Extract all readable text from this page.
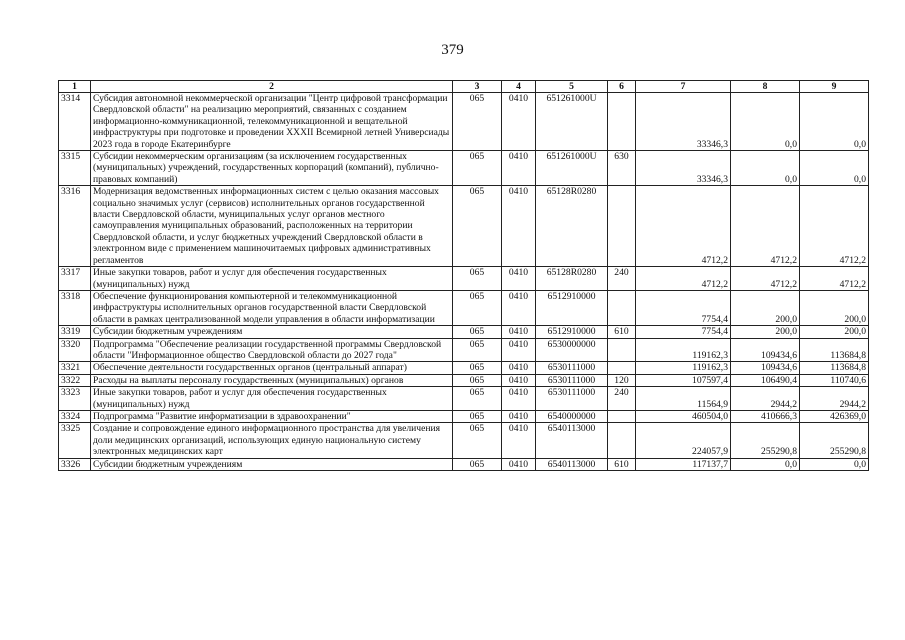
379
1	2	3	4	5	6	7	8	9
3314	Субсидия автономной некоммерческой организации "Центр цифровой трансформации Свердловской области" на реализацию мероприятий, связанных с созданием информационно-коммуникационной, телекоммуникационной и вещательной инфраструктуры при подготовке и проведении XXXII Всемирной летней Универсиады 2023 года в городе Екатеринбурге	065	0410	651261000U		33346,3	0,0	0,0
3315	Субсидии некоммерческим организациям (за исключением государственных (муниципальных) учреждений, государственных корпораций (компаний), публично-правовых компаний)	065	0410	651261000U	630	33346,3	0,0	0,0
3316	Модернизация ведомственных информационных систем с целью оказания массовых социально значимых услуг (сервисов) исполнительных органов государственной власти Свердловской области, муниципальных услуг органов местного самоуправления муниципальных образований, расположенных на территории Свердловской области, и услуг бюджетных учреждений Свердловской области в электронном виде с применением машиночитаемых цифровых административных регламентов	065	0410	65128R0280		4712,2	4712,2	4712,2
3317	Иные закупки товаров, работ и услуг для обеспечения государственных (муниципальных) нужд	065	0410	65128R0280	240	4712,2	4712,2	4712,2
3318	Обеспечение функционирования компьютерной и телекоммуникационной инфраструктуры исполнительных органов государственной власти Свердловской области в рамках централизованной модели управления в области информатизации	065	0410	6512910000		7754,4	200,0	200,0
3319	Субсидии бюджетным учреждениям	065	0410	6512910000	610	7754,4	200,0	200,0
3320	Подпрограмма "Обеспечение реализации государственной программы Свердловской области "Информационное общество Свердловской области до 2027 года"	065	0410	6530000000		119162,3	109434,6	113684,8
3321	Обеспечение деятельности государственных органов (центральный аппарат)	065	0410	6530111000		119162,3	109434,6	113684,8
3322	Расходы на выплаты персоналу государственных (муниципальных) органов	065	0410	6530111000	120	107597,4	106490,4	110740,6
3323	Иные закупки товаров, работ и услуг для обеспечения государственных (муниципальных) нужд	065	0410	6530111000	240	11564,9	2944,2	2944,2
3324	Подпрограмма "Развитие информатизации в здравоохранении"	065	0410	6540000000		460504,0	410666,3	426369,0
3325	Создание и сопровождение единого информационного пространства для увеличения доли медицинских организаций, использующих единую национальную систему электронных медицинских карт	065	0410	6540113000		224057,9	255290,8	255290,8
3326	Субсидии бюджетным учреждениям	065	0410	6540113000	610	117137,7	0,0	0,0
